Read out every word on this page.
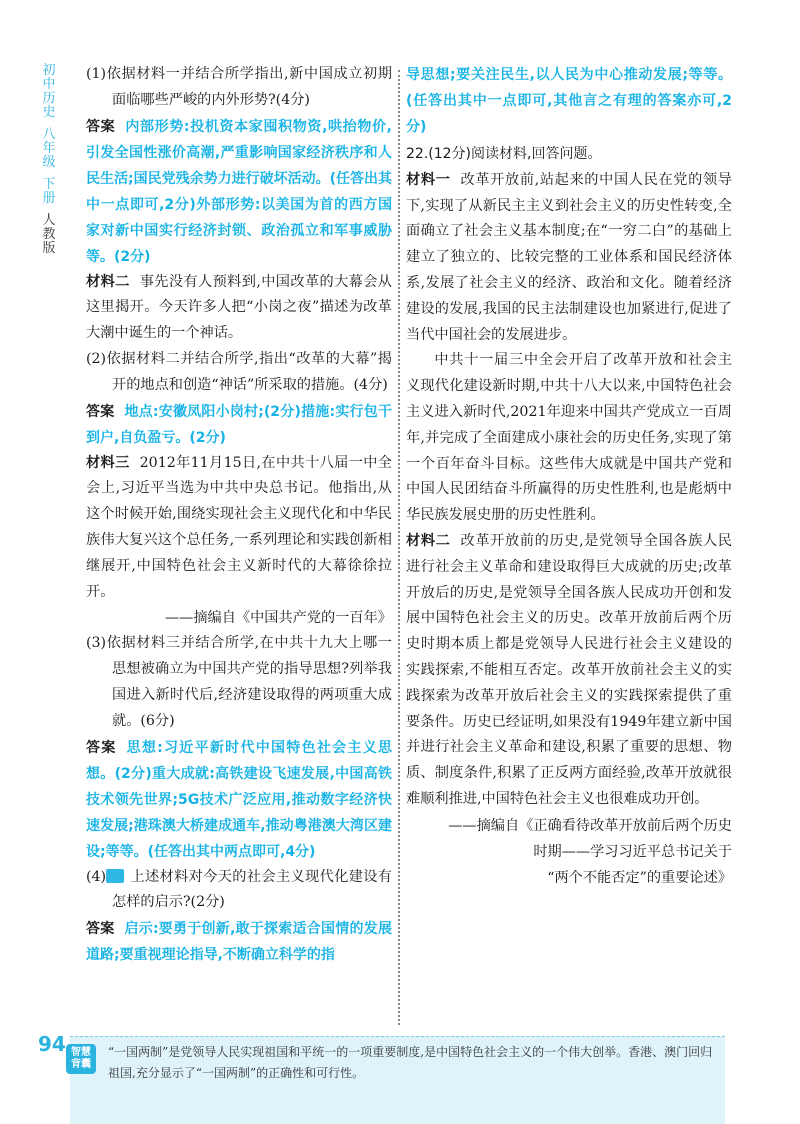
初
中
历
史
八
年
级
下
册
人
教
版

(1)依据材料一并结合所学指出,新中国成立初期面临哪些严峻的内外形势?(4分)

答案 内部形势:投机资本家囤积物资,哄抬物价,引发全国性涨价高潮,严重影响国家经济秩序和人民生活;国民党残余势力进行破坏活动。(任答出其中一点即可,2分)外部形势:以美国为首的西方国家对新中国实行经济封锁、政治孤立和军事威胁等。(2分)

材料二 事先没有人预料到,中国改革的大幕会从这里揭开。今天许多人把“小岗之夜”描述为改革大潮中诞生的一个神话。

(2)依据材料二并结合所学,指出“改革的大幕”揭开的地点和创造“神话”所采取的措施。(4分)

答案 地点:安徽凤阳小岗村;(2分)措施:实行包干到户,自负盈亏。(2分)

材料三 2012年11月15日,在中共十八届一中全会上,习近平当选为中共中央总书记。他指出,从这个时候开始,围绕实现社会主义现代化和中华民族伟大复兴这个总任务,一系列理论和实践创新相继展开,中国特色社会主义新时代的大幕徐徐拉开。

——摘编自《中国共产党的一百年》

(3)依据材料三并结合所学,在中共十九大上哪一思想被确立为中国共产党的指导思想?列举我国进入新时代后,经济建设取得的两项重大成就。(6分)

答案 思想:习近平新时代中国特色社会主义思想。(2分)重大成就:高铁建设飞速发展,中国高铁技术领先世界;5G技术广泛应用,推动数字经济快速发展;港珠澳大桥建成通车,推动粤港澳大湾区建设;等等。(任答出其中两点即可,4分)

(4) 上述材料对今天的社会主义现代化建设有怎样的启示?(2分)

答案 启示:要勇于创新,敢于探索适合国情的发展道路;要重视理论指导,不断确立科学的指

导思想;要关注民生,以人民为中心推动发展;等等。(任答出其中一点即可,其他言之有理的答案亦可,2分)

22.(12分)阅读材料,回答问题。

材料一 改革开放前,站起来的中国人民在党的领导下,实现了从新民主主义到社会主义的历史性转变,全面确立了社会主义基本制度;在“一穷二白”的基础上建立了独立的、比较完整的工业体系和国民经济体系,发展了社会主义的经济、政治和文化。随着经济建设的发展,我国的民主法制建设也加紧进行,促进了当代中国社会的发展进步。

中共十一届三中全会开启了改革开放和社会主义现代化建设新时期,中共十八大以来,中国特色社会主义进入新时代,2021年迎来中国共产党成立一百周年,并完成了全面建成小康社会的历史任务,实现了第一个百年奋斗目标。这些伟大成就是中国共产党和中国人民团结奋斗所赢得的历史性胜利,也是彪炳中华民族发展史册的历史性胜利。

材料二 改革开放前的历史,是党领导全国各族人民进行社会主义革命和建设取得巨大成就的历史;改革开放后的历史,是党领导全国各族人民成功开创和发展中国特色社会主义的历史。改革开放前后两个历史时期本质上都是党领导人民进行社会主义建设的实践探索,不能相互否定。改革开放前社会主义的实践探索为改革开放后社会主义的实践探索提供了重要条件。历史已经证明,如果没有1949年建立新中国并进行社会主义革命和建设,积累了重要的思想、物质、制度条件,积累了正反两方面经验,改革开放就很难顺利推进,中国特色社会主义也很难成功开创。

——摘编自《正确看待改革开放前后两个历史

时期——学习习近平总书记关于

“两个不能否定”的重要论述》

94 智慧
背囊
“一国两制”是党领导人民实现祖国和平统一的一项重要制度,是中国特色社会主义的一个伟大创举。香港、澳门回归祖国,充分显示了“一国两制”的正确性和可行性。
